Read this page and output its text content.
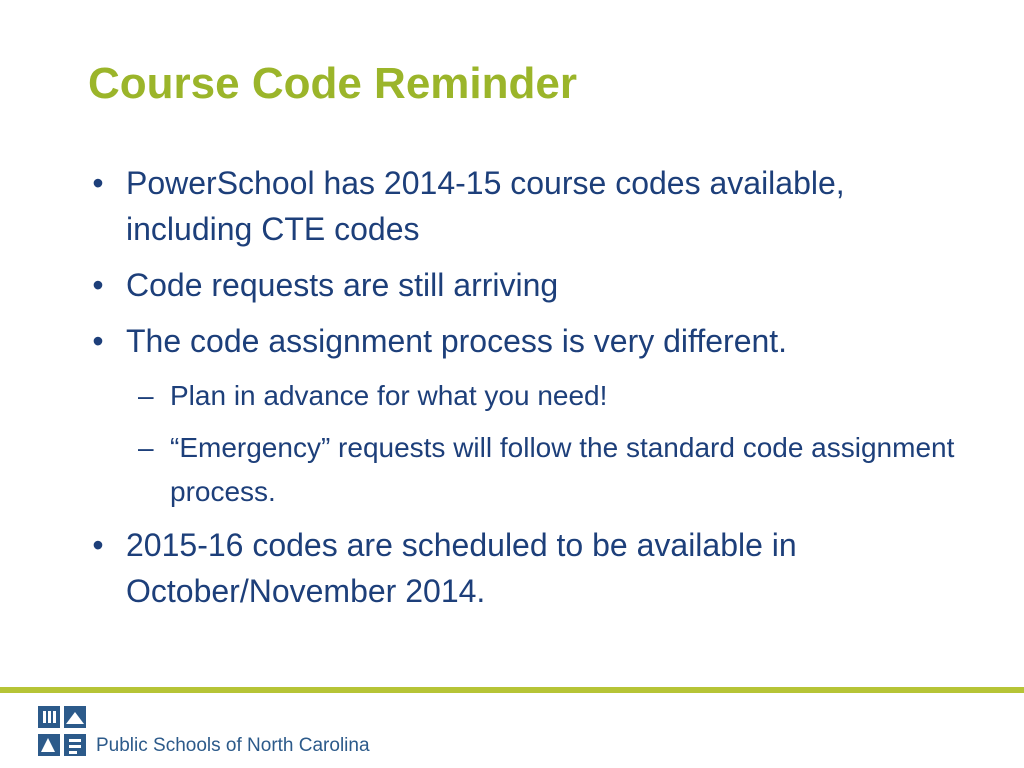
Course Code Reminder
• PowerSchool has 2014-15 course codes available, including CTE codes
• Code requests are still arriving
• The code assignment process is very different.
– Plan in advance for what you need!
– “Emergency” requests will follow the standard code assignment process.
• 2015-16 codes are scheduled to be available in October/November 2014.
Public Schools of North Carolina
